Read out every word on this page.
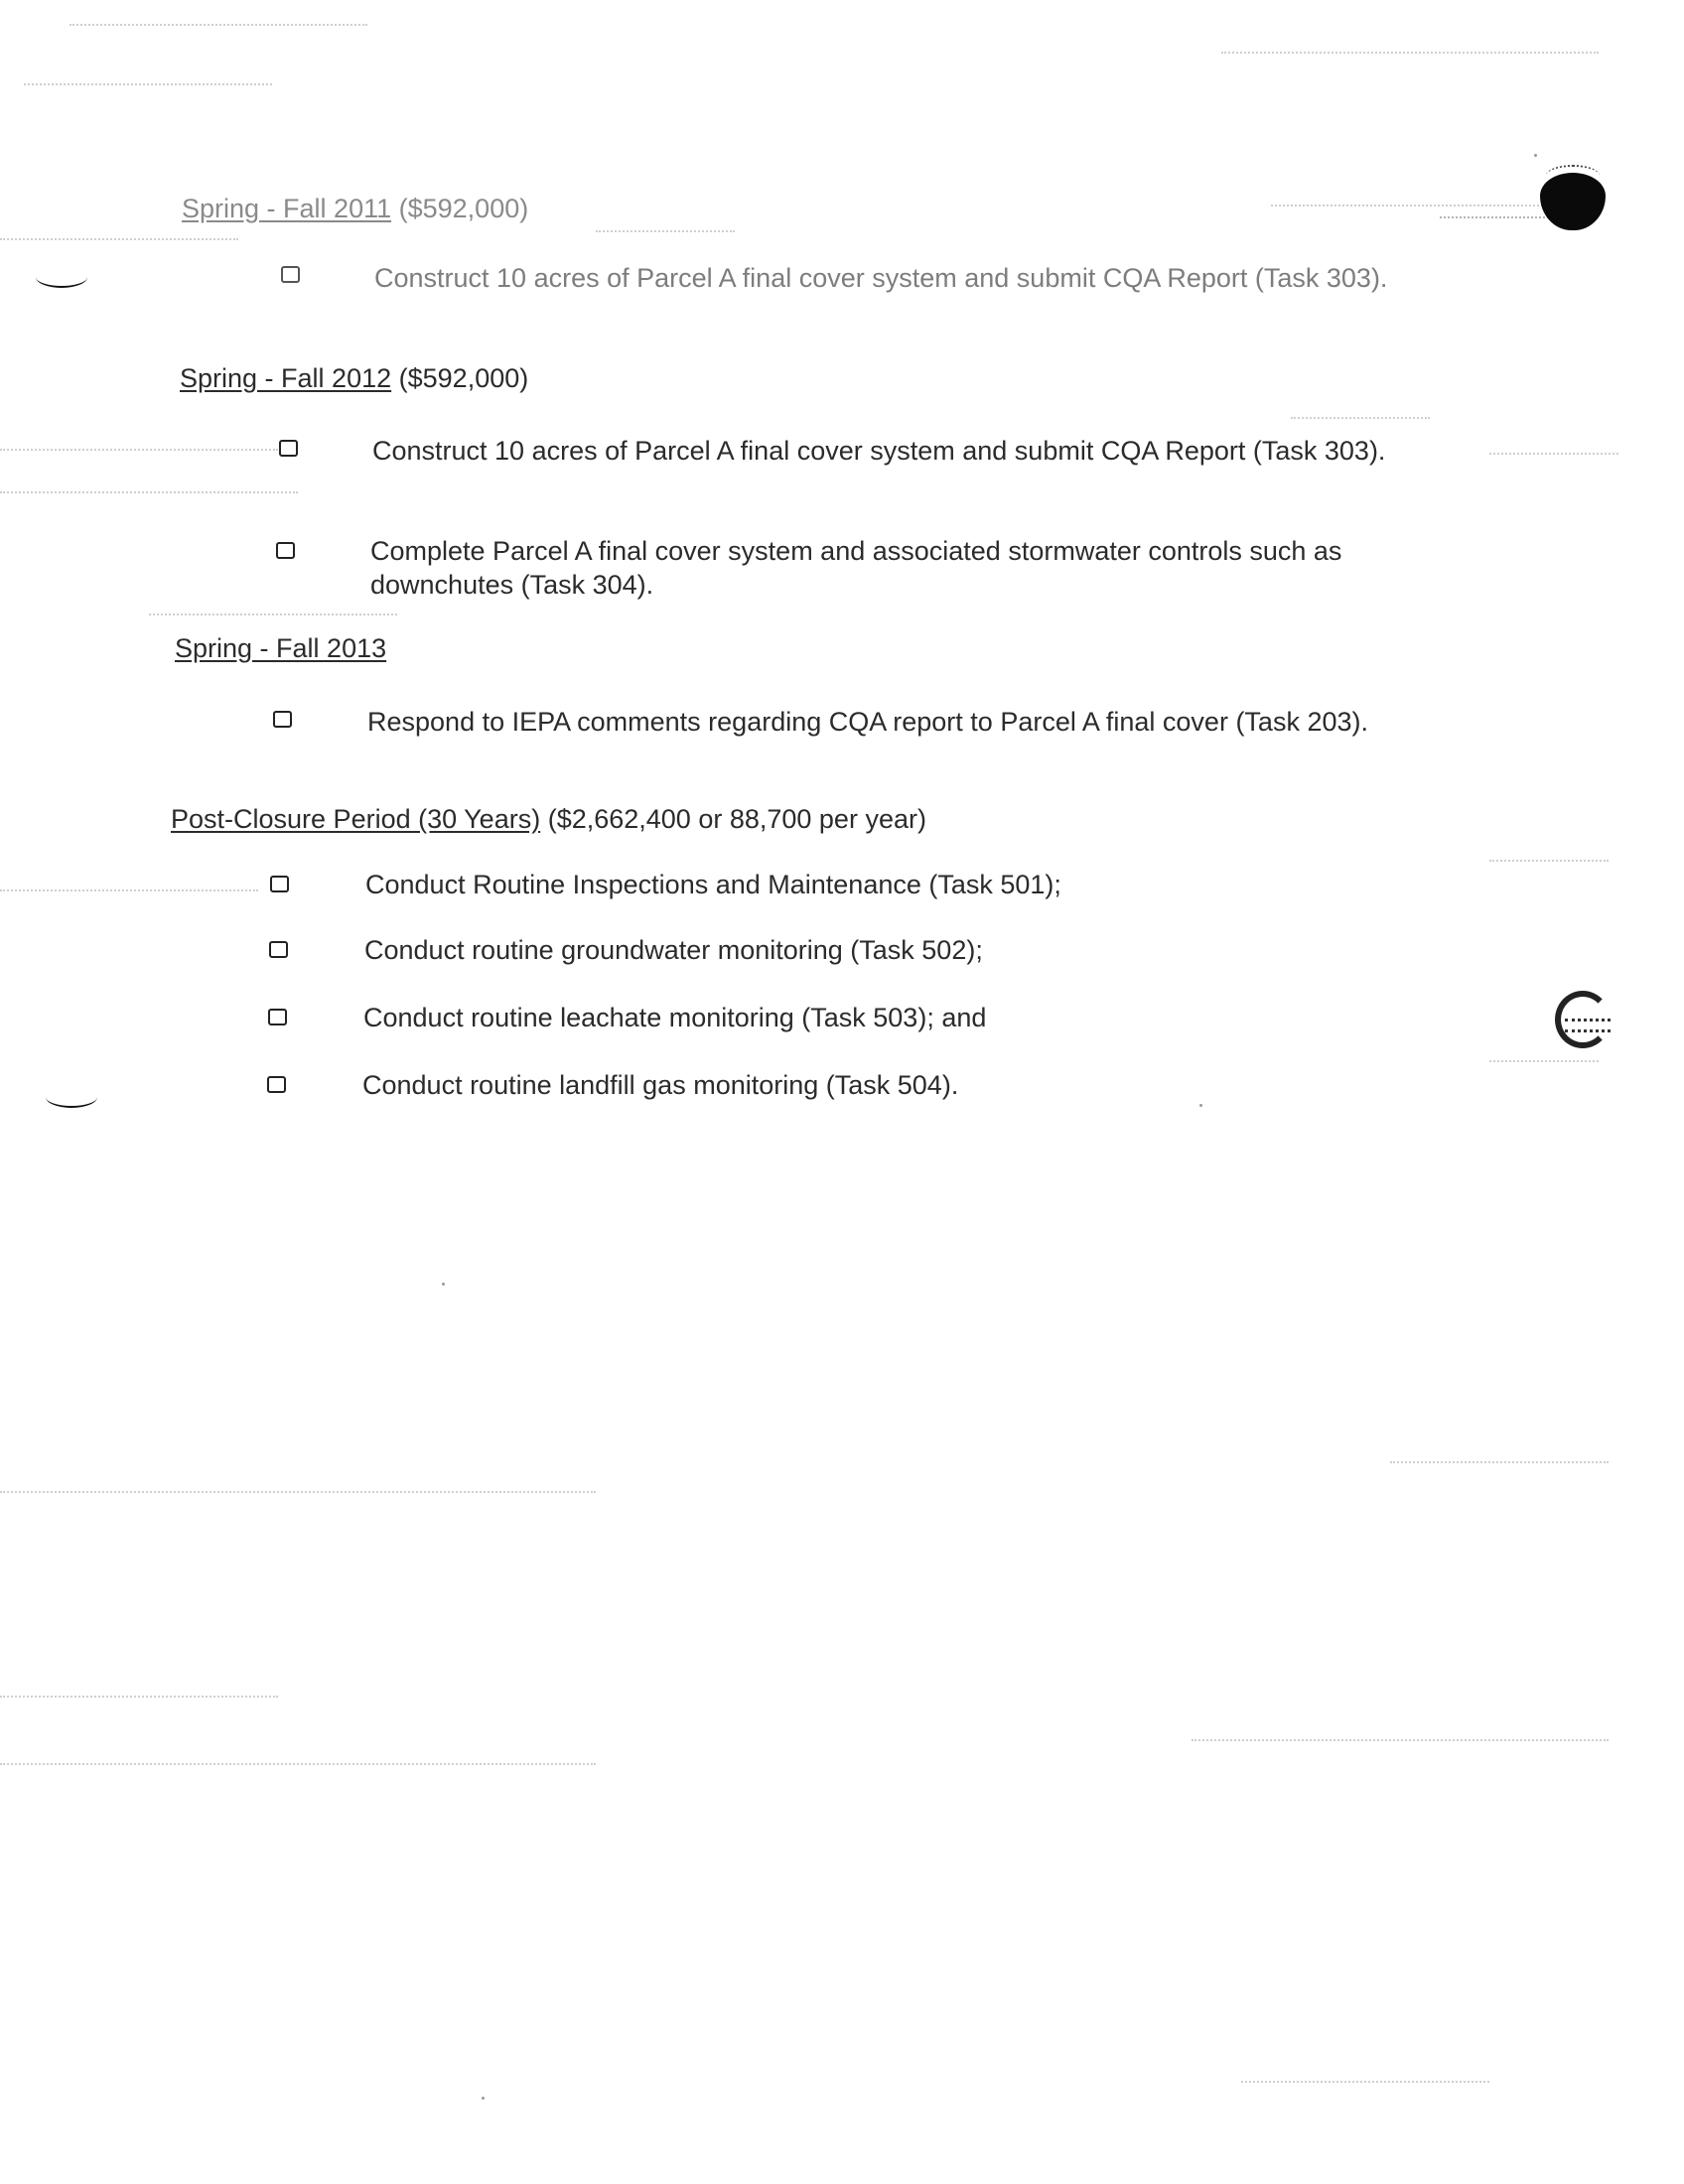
Spring - Fall 2011 ($592,000)
Construct 10 acres of Parcel A final cover system and submit CQA Report (Task 303).
Spring - Fall 2012 ($592,000)
Construct 10 acres of Parcel A final cover system and submit CQA Report (Task 303).
Complete Parcel A final cover system and associated stormwater controls such as downchutes (Task 304).
Spring - Fall 2013
Respond to IEPA comments regarding CQA report to Parcel A final cover (Task 203).
Post-Closure Period (30 Years) ($2,662,400 or 88,700 per year)
Conduct Routine Inspections and Maintenance (Task 501);
Conduct routine groundwater monitoring (Task 502);
Conduct routine leachate monitoring (Task 503); and
Conduct routine landfill gas monitoring (Task 504).
